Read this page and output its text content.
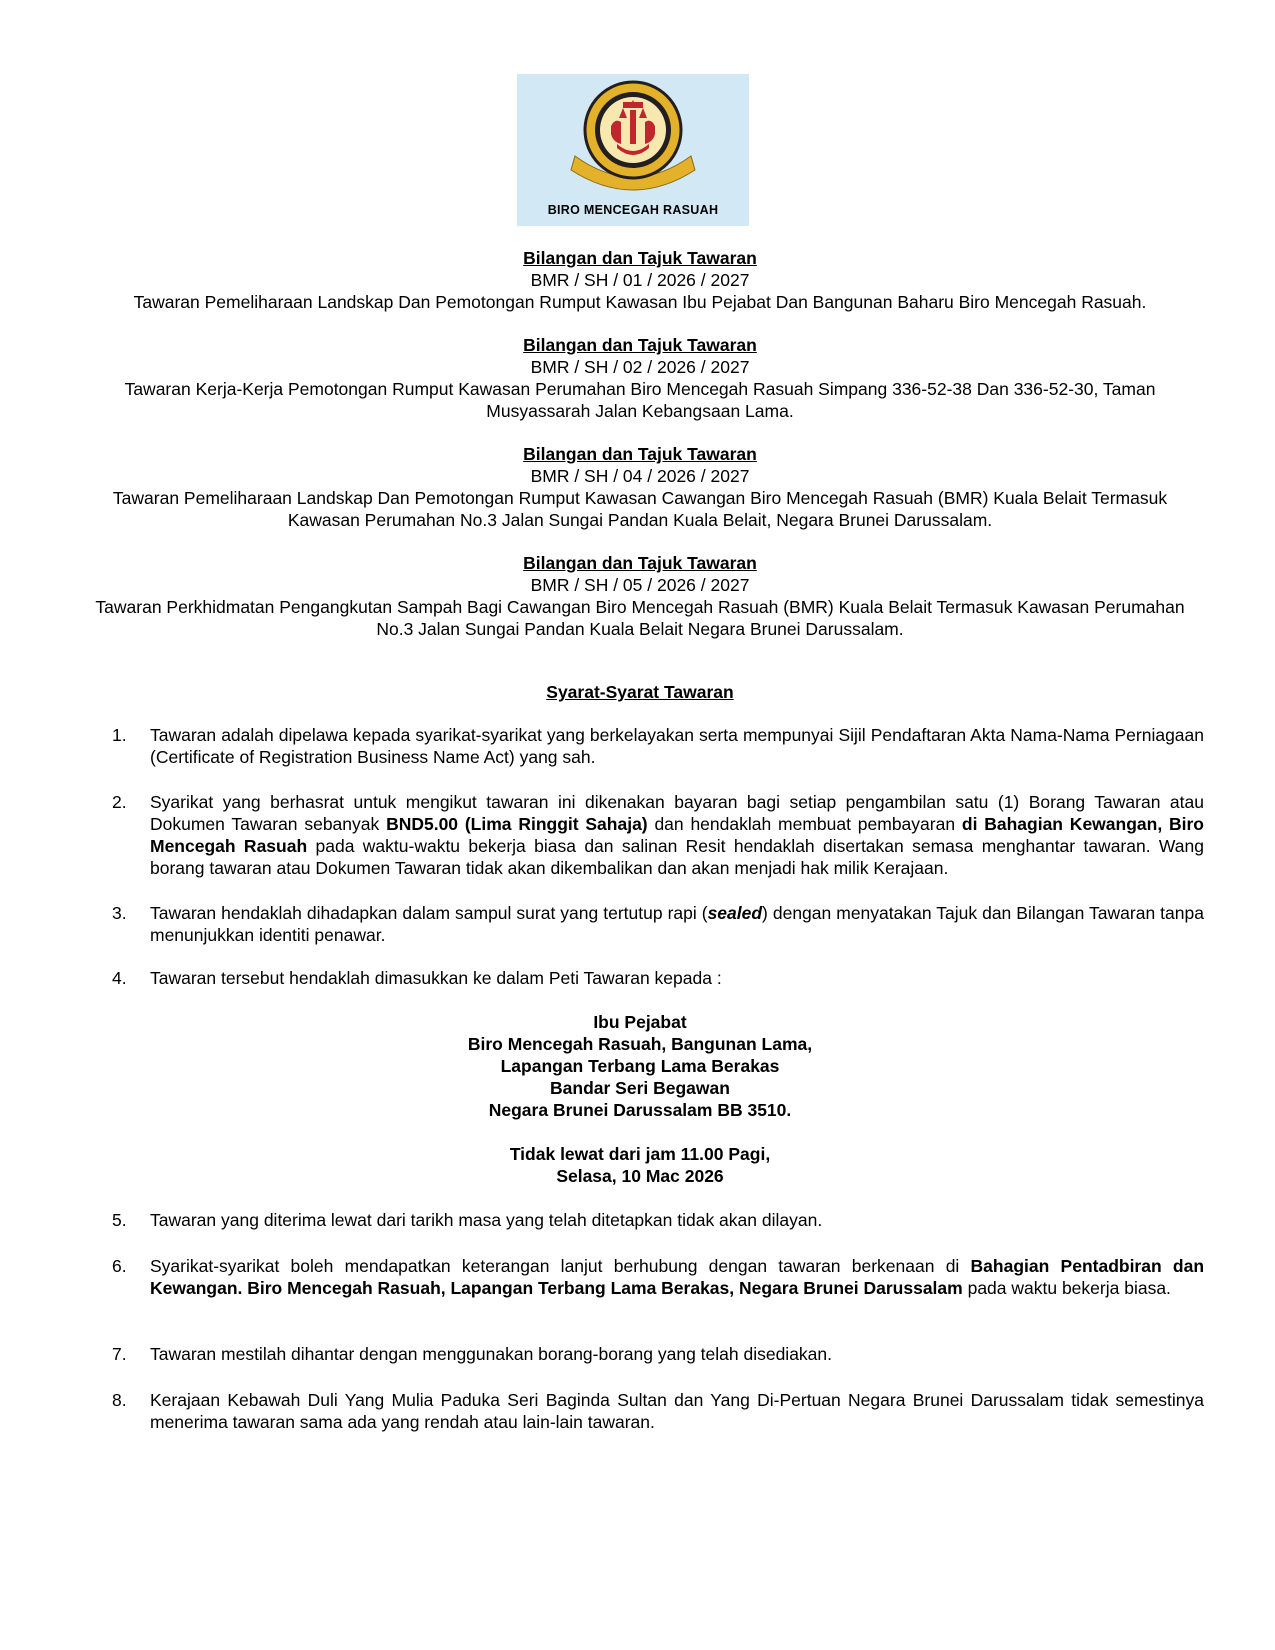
BIRO MENCEGAH RASUAH
Bilangan dan Tajuk Tawaran
BMR / SH / 01 / 2026 / 2027
Tawaran Pemeliharaan Landskap Dan Pemotongan Rumput Kawasan Ibu Pejabat Dan Bangunan Baharu Biro Mencegah Rasuah.
Bilangan dan Tajuk Tawaran
BMR / SH / 02 / 2026 / 2027
Tawaran Kerja-Kerja Pemotongan Rumput Kawasan Perumahan Biro Mencegah Rasuah Simpang 336-52-38 Dan 336-52-30, Taman Musyassarah Jalan Kebangsaan Lama.
Bilangan dan Tajuk Tawaran
BMR / SH / 04 / 2026 / 2027
Tawaran Pemeliharaan Landskap Dan Pemotongan Rumput Kawasan Cawangan Biro Mencegah Rasuah (BMR) Kuala Belait Termasuk Kawasan Perumahan No.3 Jalan Sungai Pandan Kuala Belait, Negara Brunei Darussalam.
Bilangan dan Tajuk Tawaran
BMR / SH / 05 / 2026 / 2027
Tawaran Perkhidmatan Pengangkutan Sampah Bagi Cawangan Biro Mencegah Rasuah (BMR) Kuala Belait Termasuk Kawasan Perumahan No.3 Jalan Sungai Pandan Kuala Belait Negara Brunei Darussalam.
Syarat-Syarat Tawaran
1. Tawaran adalah dipelawa kepada syarikat-syarikat yang berkelayakan serta mempunyai Sijil Pendaftaran Akta Nama-Nama Perniagaan (Certificate of Registration Business Name Act) yang sah.
2. Syarikat yang berhasrat untuk mengikut tawaran ini dikenakan bayaran bagi setiap pengambilan satu (1) Borang Tawaran atau Dokumen Tawaran sebanyak BND5.00 (Lima Ringgit Sahaja) dan hendaklah membuat pembayaran di Bahagian Kewangan, Biro Mencegah Rasuah pada waktu-waktu bekerja biasa dan salinan Resit hendaklah disertakan semasa menghantar tawaran. Wang borang tawaran atau Dokumen Tawaran tidak akan dikembalikan dan akan menjadi hak milik Kerajaan.
3. Tawaran hendaklah dihadapkan dalam sampul surat yang tertutup rapi (sealed) dengan menyatakan Tajuk dan Bilangan Tawaran tanpa menunjukkan identiti penawar.
4. Tawaran tersebut hendaklah dimasukkan ke dalam Peti Tawaran kepada :
Ibu Pejabat
Biro Mencegah Rasuah, Bangunan Lama,
Lapangan Terbang Lama Berakas
Bandar Seri Begawan
Negara Brunei Darussalam BB 3510.
Tidak lewat dari jam 11.00 Pagi,
Selasa, 10 Mac 2026
5. Tawaran yang diterima lewat dari tarikh masa yang telah ditetapkan tidak akan dilayan.
6. Syarikat-syarikat boleh mendapatkan keterangan lanjut berhubung dengan tawaran berkenaan di Bahagian Pentadbiran dan Kewangan. Biro Mencegah Rasuah, Lapangan Terbang Lama Berakas, Negara Brunei Darussalam pada waktu bekerja biasa.
7. Tawaran mestilah dihantar dengan menggunakan borang-borang yang telah disediakan.
8. Kerajaan Kebawah Duli Yang Mulia Paduka Seri Baginda Sultan dan Yang Di-Pertuan Negara Brunei Darussalam tidak semestinya menerima tawaran sama ada yang rendah atau lain-lain tawaran.
